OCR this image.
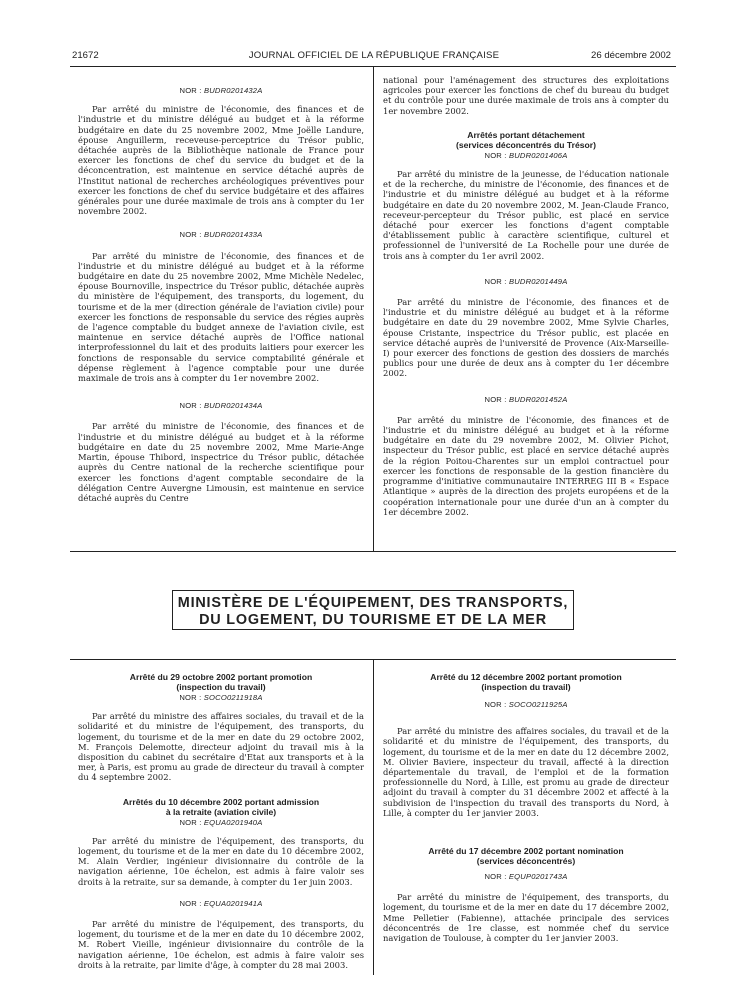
21672	JOURNAL OFFICIEL DE LA RÉPUBLIQUE FRANÇAISE	26 décembre 2002
NOR : BUDR0201432A

Par arrêté du ministre de l'économie, des finances et de l'industrie et du ministre délégué au budget et à la réforme budgétaire en date du 25 novembre 2002, Mme Joëlle Landure, épouse Anguillerm, receveuse-perceptrice du Trésor public, détachée auprès de la Bibliothèque nationale de France pour exercer les fonctions de chef du service du budget et de la déconcentration, est maintenue en service détaché auprès de l'Institut national de recherches archéologiques préventives pour exercer les fonctions de chef du service budgétaire et des affaires générales pour une durée maximale de trois ans à compter du 1er novembre 2002.

NOR : BUDR0201433A

Par arrêté du ministre de l'économie, des finances et de l'industrie et du ministre délégué au budget et à la réforme budgétaire en date du 25 novembre 2002, Mme Michèle Nedelec, épouse Bournoville, inspectrice du Trésor public, détachée auprès du ministère de l'équipement, des transports, du logement, du tourisme et de la mer (direction générale de l'aviation civile) pour exercer les fonctions de responsable du service des régies auprès de l'agence comptable du budget annexe de l'aviation civile, est maintenue en service détaché auprès de l'Office national interprofessionnel du lait et des produits laitiers pour exercer les fonctions de responsable du service comptabilité générale et dépense règlement à l'agence comptable pour une durée maximale de trois ans à compter du 1er novembre 2002.

NOR : BUDR0201434A

Par arrêté du ministre de l'économie, des finances et de l'industrie et du ministre délégué au budget et à la réforme budgétaire en date du 25 novembre 2002, Mme Marie-Ange Martin, épouse Thibord, inspectrice du Trésor public, détachée auprès du Centre national de la recherche scientifique pour exercer les fonctions d'agent comptable secondaire de la délégation Centre Auvergne Limousin, est maintenue en service détaché auprès du Centre

national pour l'aménagement des structures des exploitations agricoles pour exercer les fonctions de chef du bureau du budget et du contrôle pour une durée maximale de trois ans à compter du 1er novembre 2002.

Arrêtés portant détachement
(services déconcentrés du Trésor)
NOR : BUDR0201406A

Par arrêté du ministre de la jeunesse, de l'éducation nationale et de la recherche, du ministre de l'économie, des finances et de l'industrie et du ministre délégué au budget et à la réforme budgétaire en date du 20 novembre 2002, M. Jean-Claude Franco, receveur-percepteur du Trésor public, est placé en service détaché pour exercer les fonctions d'agent comptable d'établissement public à caractère scientifique, culturel et professionnel de l'université de La Rochelle pour une durée de trois ans à compter du 1er avril 2002.

NOR : BUDR0201449A

Par arrêté du ministre de l'économie, des finances et de l'industrie et du ministre délégué au budget et à la réforme budgétaire en date du 29 novembre 2002, Mme Sylvie Charles, épouse Cristante, inspectrice du Trésor public, est placée en service détaché auprès de l'université de Provence (Aix-Marseille-I) pour exercer des fonctions de gestion des dossiers de marchés publics pour une durée de deux ans à compter du 1er décembre 2002.

NOR : BUDR0201452A

Par arrêté du ministre de l'économie, des finances et de l'industrie et du ministre délégué au budget et à la réforme budgétaire en date du 29 novembre 2002, M. Olivier Pichot, inspecteur du Trésor public, est placé en service détaché auprès de la région Poitou-Charentes sur un emploi contractuel pour exercer les fonctions de responsable de la gestion financière du programme d'initiative communautaire INTERREG III B « Espace Atlantique » auprès de la direction des projets européens et de la coopération internationale pour une durée d'un an à compter du 1er décembre 2002.

MINISTÈRE DE L'ÉQUIPEMENT, DES TRANSPORTS,
DU LOGEMENT, DU TOURISME ET DE LA MER
Arrêté du 29 octobre 2002 portant promotion
(inspection du travail)
NOR : SOCO0211918A

Par arrêté du ministre des affaires sociales, du travail et de la solidarité et du ministre de l'équipement, des transports, du logement, du tourisme et de la mer en date du 29 octobre 2002, M. François Delemotte, directeur adjoint du travail mis à la disposition du cabinet du secrétaire d'Etat aux transports et à la mer, à Paris, est promu au grade de directeur du travail à compter du 4 septembre 2002.

Arrêtés du 10 décembre 2002 portant admission
à la retraite (aviation civile)
NOR : EQUA0201940A

Par arrêté du ministre de l'équipement, des transports, du logement, du tourisme et de la mer en date du 10 décembre 2002, M. Alain Verdier, ingénieur divisionnaire du contrôle de la navigation aérienne, 10e échelon, est admis à faire valoir ses droits à la retraite, sur sa demande, à compter du 1er juin 2003.

NOR : EQUA0201941A

Par arrêté du ministre de l'équipement, des transports, du logement, du tourisme et de la mer en date du 10 décembre 2002, M. Robert Vieille, ingénieur divisionnaire du contrôle de la navigation aérienne, 10e échelon, est admis à faire valoir ses droits à la retraite, par limite d'âge, à compter du 28 mai 2003.

Arrêté du 12 décembre 2002 portant promotion
(inspection du travail)
NOR : SOCO0211925A

Par arrêté du ministre des affaires sociales, du travail et de la solidarité et du ministre de l'équipement, des transports, du logement, du tourisme et de la mer en date du 12 décembre 2002, M. Olivier Baviere, inspecteur du travail, affecté à la direction départementale du travail, de l'emploi et de la formation professionnelle du Nord, à Lille, est promu au grade de directeur adjoint du travail à compter du 31 décembre 2002 et affecté à la subdivision de l'inspection du travail des transports du Nord, à Lille, à compter du 1er janvier 2003.

Arrêté du 17 décembre 2002 portant nomination
(services déconcentrés)
NOR : EQUP0201743A

Par arrêté du ministre de l'équipement, des transports, du logement, du tourisme et de la mer en date du 17 décembre 2002, Mme Pelletier (Fabienne), attachée principale des services déconcentrés de 1re classe, est nommée chef du service navigation de Toulouse, à compter du 1er janvier 2003.
